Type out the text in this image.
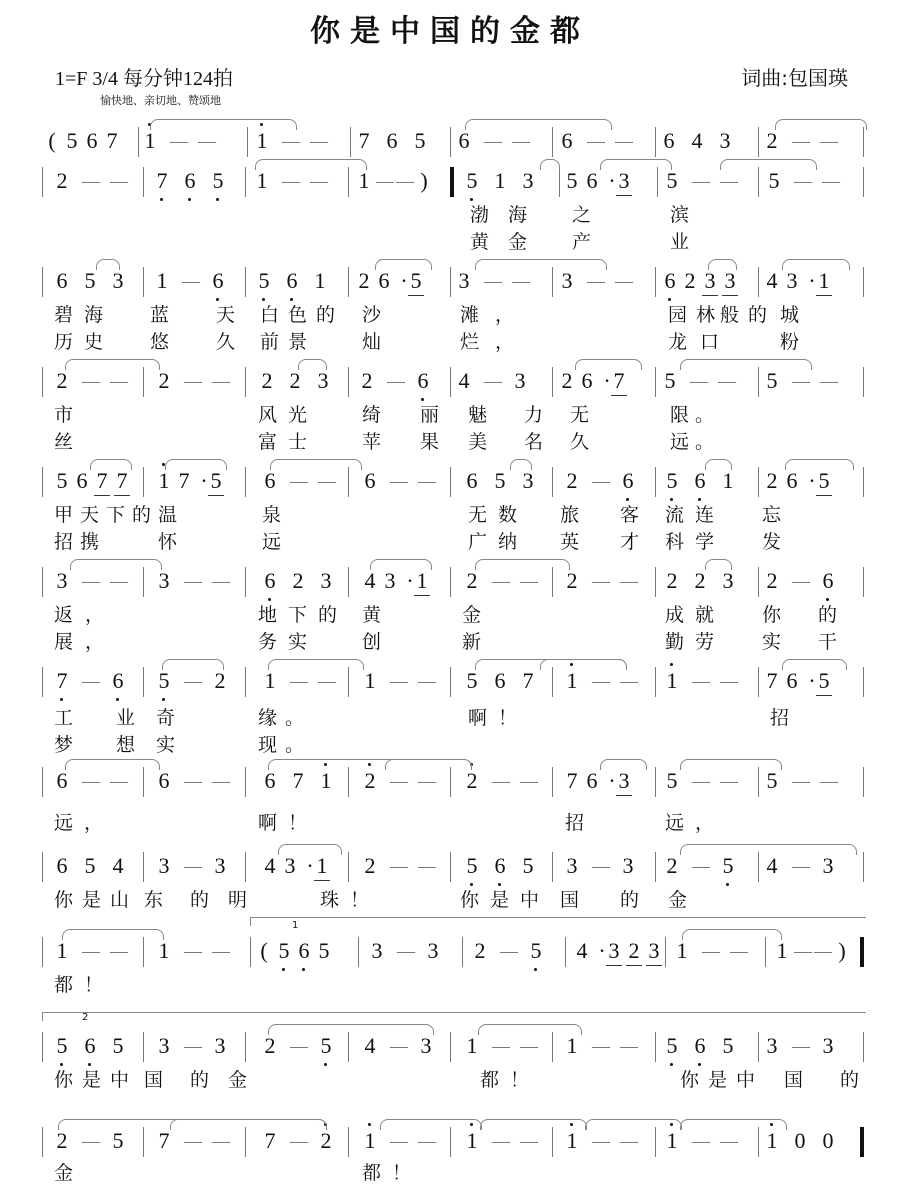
你是中国的金都
1=F 3/4 每分钟124拍	词曲:包国瑛
愉快地、亲切地、赞颂地
( 5 6 7 1 — — 1 — — 7 6 5 6 — — 6 — — 6 4 3 2 — —
2 — — 7 6 5 1 — — 1 — — ) 5 1 3 5 6 · 3 5 — — 5 — —
6 5 3 1 — 6 5 6 1 2 6 · 5 3 — — 3 — — 6 2 3 3 4 3 · 1
2 — — 2 — — 2 2 3 2 — 6 4 — 3 2 6 · 7 5 — — 5 — —
5 6 7 7 1 7 · 5 6 — — 6 — — 6 5 3 2 — 6 5 6 1 2 6 · 5
3 — — 3 — — 6 2 3 4 3 · 1 2 — — 2 — — 2 2 3 2 — 6
7 — 6 5 — 2 1 — — 1 — — 5 6 7 1 — — 1 — — 7 6 · 5
6 — — 6 — — 6 7 1 2 — — 2 — — 7 6 · 3 5 — — 5 — —
6 5 4 3 — 3 4 3 · 1 2 — — 5 6 5 3 — 3 2 — 5 4 — 3
1 — — 1 — — ( 5 6 5 3 — 3 2 — 5 4 · 3 2 3 1 — — 1 — — ) :
5 6 5 3 — 3 2 — 5 4 — 3 1 — — 1 — — 5 6 5 3 — 3
2 — 5 7 — — 7 — 2 1 — — 1 — — 1 — — 1 — — 1 0 0
渤 海 之	滨
黄 金 产	业
碧 海 蓝 天 白 色 的 沙	滩 ，	园 林 般 的 城
历 史 悠 久 前 景	灿	烂 ，	龙 口	粉
市	风 光	绮 丽 魅 力 无	限 。
丝	富 士	苹 果 美 名 久	远 。
甲 天 下 的 温	泉	无 数 旅 客 流 连	忘
招 携	怀	远	广 纳 英 才 科 学	发
返 ，	地 下 的 黄	金	成 就	你 的
展 ，	务 实	创	新	勤 劳	实 干
工 业 奇	缘 。	啊 ！	招
梦 想 实	现 。
远 ，	啊 ！	招	远 ，
你 是 山 东 的 明	珠 ！	你 是 中 国 的 金
都 ！
你 是 中 国 的 金	都 ！	你 是 中 国 的
金	都 ！
1
2
